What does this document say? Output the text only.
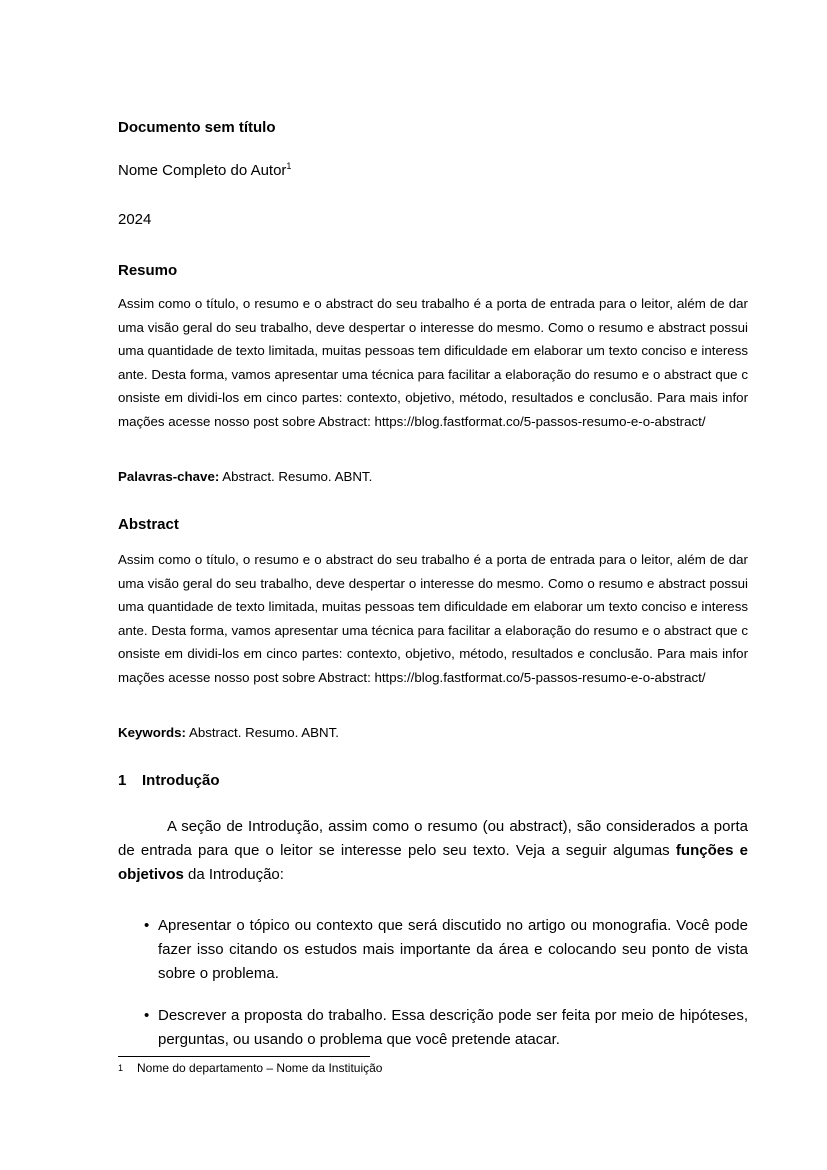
Documento sem título
Nome Completo do Autor$^1$
2024
Resumo

Assim como o título, o resumo e o abstract do seu trabalho é a porta de entrada para o leitor, além de dar uma visão geral do seu trabalho, deve despertar o interesse do mesmo. Como o resumo e abstract possui uma quantidade de texto limitada, muitas pessoas tem dificuldade em elaborar um texto conciso e interessante. Desta forma, vamos apresentar uma técnica para facilitar a elaboração do resumo e o abstract que consiste em dividi-los em cinco partes: contexto, objetivo, método, resultados e conclusão. Para mais informações acesse nosso post sobre Abstract: https://blog.fastformat.co/5-passos-resumo-e-o-abstract/

Palavras-chave: Abstract. Resumo. ABNT.
Abstract

Assim como o título, o resumo e o abstract do seu trabalho é a porta de entrada para o leitor, além de dar uma visão geral do seu trabalho, deve despertar o interesse do mesmo. Como o resumo e abstract possui uma quantidade de texto limitada, muitas pessoas tem dificuldade em elaborar um texto conciso e interessante. Desta forma, vamos apresentar uma técnica para facilitar a elaboração do resumo e o abstract que consiste em dividi-los em cinco partes: contexto, objetivo, método, resultados e conclusão. Para mais informações acesse nosso post sobre Abstract: https://blog.fastformat.co/5-passos-resumo-e-o-abstract/

Keywords: Abstract. Resumo. ABNT.
1 Introdução

A seção de Introdução, assim como o resumo (ou abstract), são considerados a porta de entrada para que o leitor se interesse pelo seu texto. Veja a seguir algumas funções e objetivos da Introdução:

• Apresentar o tópico ou contexto que será discutido no artigo ou monografia. Você pode fazer isso citando os estudos mais importante da área e colocando seu ponto de vista sobre o problema.
• Descrever a proposta do trabalho. Essa descrição pode ser feita por meio de hipóteses, perguntas, ou usando o problema que você pretende atacar.
1 Nome do departamento – Nome da Instituição
